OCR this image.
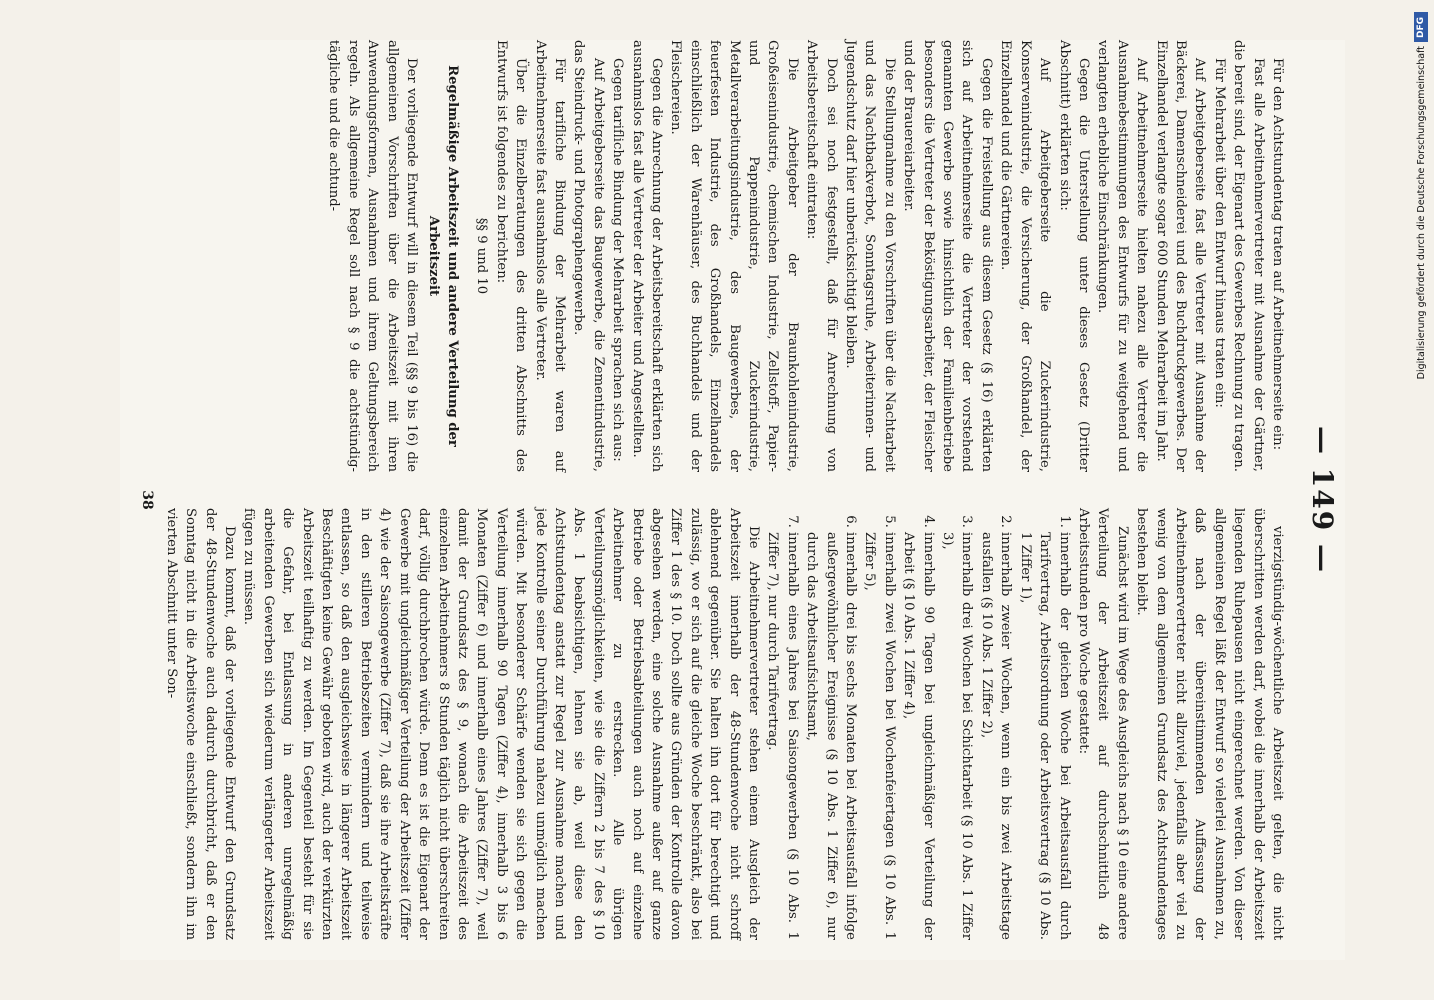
— 149 —

Für den Achtstundentag traten auf Arbeitnehmerseite ein:

Fast alle Arbeitnehmervertreter mit Ausnahme der Gärtner, die bereit sind, der Eigenart des Gewerbes Rechnung zu tragen.

Für Mehrarbeit über den Entwurf hinaus traten ein:

Auf Arbeitgeberseite fast alle Vertreter mit Ausnahme der Bäckerei, Damenschneiderei und des Buchdruckgewerbes. Der Einzelhandel verlangte sogar 600 Stunden Mehrarbeit im Jahr.

Auf Arbeitnehmerseite hielten nahezu alle Vertreter die Ausnahmebestimmungen des Entwurfs für zu weitgehend und verlangten erhebliche Einschränkungen.

Gegen die Unterstellung unter dieses Gesetz (Dritter Abschnitt) erklärten sich:

Auf Arbeitgeberseite die Zuckerindustrie, Konservenindustrie, die Versicherung, der Großhandel, der Einzelhandel und die Gärtnereien.

Gegen die Freistellung aus diesem Gesetz (§ 16) erklärten sich auf Arbeitnehmerseite die Vertreter der vorstehend genannten Gewerbe sowie hinsichtlich der Familienbetriebe besonders die Vertreter der Beköstigungsarbeiter, der Fleischer und der Brauereiarbeiter.

Die Stellungnahme zu den Vorschriften über die Nachtarbeit und das Nachtbackverbot, Sonntagsruhe, Arbeiterinnen- und Jugendschutz darf hier unberücksichtigt bleiben.

Doch sei noch festgestellt, daß für Anrechnung von Arbeitsbereitschaft eintraten:

Die Arbeitgeber der Braunkohlenindustrie, Großeisenindustrie, chemischen Industrie, Zellstoff-, Papier- und Pappenindustrie, Zuckerindustrie, Metallverarbeitungsindustrie, des Baugewerbes, der feuerfesten Industrie, des Großhandels, Einzelhandels einschließlich der Warenhäuser, des Buchhandels und der Fleischereien.

Gegen die Anrechnung der Arbeitsbereitschaft erklärten sich ausnahmslos fast alle Vertreter der Arbeiter und Angestellten.

Gegen tarifliche Bindung der Mehrarbeit sprachen sich aus:

Auf Arbeitgeberseite das Baugewerbe, die Zementindustrie, das Steindruck- und Photographengewerbe.

Für tarifliche Bindung der Mehrarbeit waren auf Arbeitnehmerseite fast ausnahmslos alle Vertreter.

Über die Einzelberatungen des dritten Abschnitts des Entwurfs ist folgendes zu berichten:

§§ 9 und 10

Regelmäßige Arbeitszeit und andere Verteilung der Arbeitszeit

Der vorliegende Entwurf will in diesem Teil (§§ 9 bis 16) die allgemeinen Vorschriften über die Arbeitszeit mit ihren Anwendungsformen, Ausnahmen und ihrem Geltungsbereich regeln. Als allgemeine Regel soll nach § 9 die achtstündig-tägliche und die achtund-

vierzigstündig-wöchentliche Arbeitszeit gelten, die nicht überschritten werden darf, wobei die innerhalb der Arbeitszeit liegenden Ruhepausen nicht eingerechnet werden. Von dieser allgemeinen Regel läßt der Entwurf so vielerlei Ausnahmen zu, daß nach der übereinstimmenden Auffassung der Arbeitnehmervertreter nicht allzuviel, jedenfalls aber viel zu wenig von dem allgemeinen Grundsatz des Achtstundentages bestehen bleibt.

Zunächst wird im Wege des Ausgleichs nach § 10 eine andere Verteilung der Arbeitszeit auf durchschnittlich 48 Arbeitsstunden pro Woche gestattet:

1. innerhalb der gleichen Woche bei Arbeitsausfall durch Tarifvertrag, Arbeitsordnung oder Arbeitsvertrag (§ 10 Abs. 1 Ziffer 1),
2. innerhalb zweier Wochen, wenn ein bis zwei Arbeitstage ausfallen (§ 10 Abs. 1 Ziffer 2),
3. innerhalb drei Wochen bei Schichtarbeit (§ 10 Abs. 1 Ziffer 3),
4. innerhalb 90 Tagen bei ungleichmäßiger Verteilung der Arbeit (§ 10 Abs. 1 Ziffer 4),
5. innerhalb zwei Wochen bei Wochenfeiertagen (§ 10 Abs. 1 Ziffer 5),
6. innerhalb drei bis sechs Monaten bei Arbeitsausfall infolge außergewöhnlicher Ereignisse (§ 10 Abs. 1 Ziffer 6), nur durch das Arbeitsaufsichtsamt,
7. innerhalb eines Jahres bei Saisongewerben (§ 10 Abs. 1 Ziffer 7), nur durch Tarifvertrag.

Die Arbeitnehmervertreter stehen einem Ausgleich der Arbeitszeit innerhalb der 48-Stundenwoche nicht schroff ablehnend gegenüber. Sie halten ihn dort für berechtigt und zulässig, wo er sich auf die gleiche Woche beschränkt, also bei Ziffer 1 des § 10. Doch sollte aus Gründen der Kontrolle davon abgesehen werden, eine solche Ausnahme außer auf ganze Betriebe oder Betriebsabteilungen auch noch auf einzelne Arbeitnehmer zu erstrecken. Alle übrigen Verteilungsmöglichkeiten, wie sie die Ziffern 2 bis 7 des § 10 Abs. 1 beabsichtigen, lehnen sie ab, weil diese den Achtstundentag anstatt zur Regel zur Ausnahme machen und jede Kontrolle seiner Durchführung nahezu unmöglich machen würden. Mit besonderer Schärfe wenden sie sich gegen die Verteilung innerhalb 90 Tagen (Ziffer 4), innerhalb 3 bis 6 Monaten (Ziffer 6) und innerhalb eines Jahres (Ziffer 7), weil damit der Grundsatz des § 9, wonach die Arbeitszeit des einzelnen Arbeitnehmers 8 Stunden täglich nicht überschreiten darf, völlig durchbrochen würde. Denn es ist die Eigenart der Gewerbe mit ungleichmäßiger Verteilung der Arbeitszeit (Ziffer 4) wie der Saisongewerbe (Ziffer 7), daß sie ihre Arbeitskräfte in den stilleren Betriebszeiten vermindern und teilweise entlassen, so daß den ausgleichsweise in längerer Arbeitszeit Beschäftigten keine Gewähr geboten wird, auch der verkürzten Arbeitszeit teilhaftig zu werden. Im Gegenteil besteht für sie die Gefahr, bei Entlassung in anderen unregelmäßig arbeitenden Gewerben sich wiederum verlängerter Arbeitszeit fügen zu müssen.

Dazu kommt, daß der vorliegende Entwurf den Grundsatz der 48-Stundenwoche auch dadurch durchbricht, daß er den Sonntag nicht in die Arbeitswoche einschließt, sondern ihn im vierten Abschnitt unter Son-

38
DFG
Digitalisierung gefördert durch die Deutsche Forschungsgemeinschaft
